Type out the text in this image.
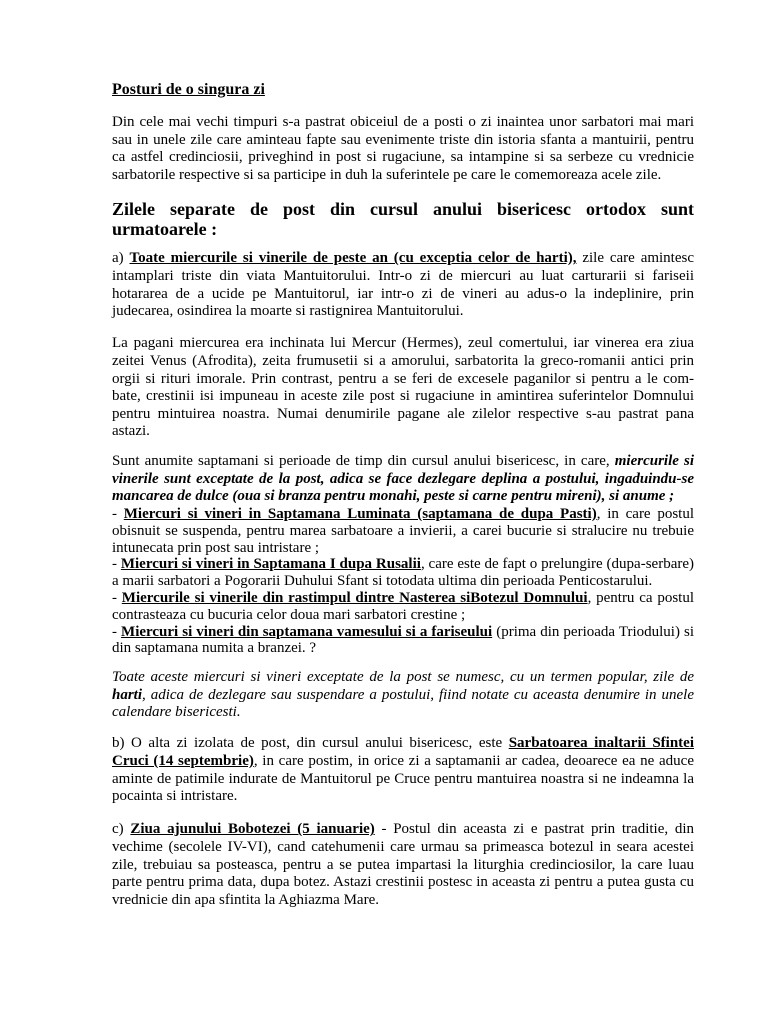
Posturi de o singura zi

Din cele mai vechi timpuri s-a pastrat obiceiul de a posti o zi inaintea unor sarbatori mai mari sau in unele zile care aminteau fapte sau evenimente triste din istoria sfanta a mantuirii, pentru ca astfel credinciosii, priveghind in post si rugaciune, sa intampine si sa serbeze cu vrednicie sarbatorile respective si sa participe in duh la suferintele pe care le comemoreaza acele zile.

Zilele separate de post din cursul anului bisericesc ortodox sunt urmatoarele :

a) Toate miercurile si vinerile de peste an (cu exceptia celor de harti), zile care amintesc intamplari triste din viata Mantuitorului. Intr-o zi de miercuri au luat carturarii si fariseii hotararea de a ucide pe Mantuitorul, iar intr-o zi de vineri au adus-o la indeplinire, prin judecarea, osindirea la moarte si rastignirea Mantuitorului.

La pagani miercurea era inchinata lui Mercur (Hermes), zeul comertului, iar vinerea era ziua zeitei Venus (Afrodita), zeita frumusetii si a amorului, sarbatorita la greco-romanii antici prin orgii si rituri imorale. Prin contrast, pentru a se feri de excesele paganilor si pentru a le com-bate, crestinii isi impuneau in aceste zile post si rugaciune in amintirea suferintelor Domnului pentru mintuirea noastra. Numai denumirile pagane ale zilelor respective s-au pastrat pana astazi.

Sunt anumite saptamani si perioade de timp din cursul anului bisericesc, in care, miercurile si vinerile sunt exceptate de la post, adica se face dezlegare deplina a postului, ingaduindu-se mancarea de dulce (oua si branza pentru monahi, peste si carne pentru mireni), si anume ;

- Miercuri si vineri in Saptamana Luminata (saptamana de dupa Pasti), in care postul obisnuit se suspenda, pentru marea sarbatoare a invierii, a carei bucurie si stralucire nu trebuie intunecata prin post sau intristare ;

- Miercuri si vineri in Saptamana I dupa Rusalii, care este de fapt o prelungire (dupa-serbare) a marii sarbatori a Pogorarii Duhului Sfant si totodata ultima din perioada Penticostarului.

- Miercurile si vinerile din rastimpul dintre Nasterea siBotezul Domnului, pentru ca postul contrasteaza cu bucuria celor doua mari sarbatori crestine ;

- Miercuri si vineri din saptamana vamesului si a fariseului (prima din perioada Triodului) si din saptamana numita a branzei. ?

Toate aceste miercuri si vineri exceptate de la post se numesc, cu un termen popular, zile de harti, adica de dezlegare sau suspendare a postului, fiind notate cu aceasta denumire in unele calendare bisericesti.

b) O alta zi izolata de post, din cursul anului bisericesc, este Sarbatoarea inaltarii Sfintei Cruci (14 septembrie), in care postim, in orice zi a saptamanii ar cadea, deoarece ea ne aduce aminte de patimile indurate de Mantuitorul pe Cruce pentru mantuirea noastra si ne indeamna la pocainta si intristare.

c) Ziua ajunului Bobotezei (5 ianuarie) - Postul din aceasta zi e pastrat prin traditie, din vechime (secolele IV-VI), cand catehumenii care urmau sa primeasca botezul in seara acestei zile, trebuiau sa posteasca, pentru a se putea impartasi la liturghia credinciosilor, la care luau parte pentru prima data, dupa botez. Astazi crestinii postesc in aceasta zi pentru a putea gusta cu vrednicie din apa sfintita la Aghiazma Mare.
